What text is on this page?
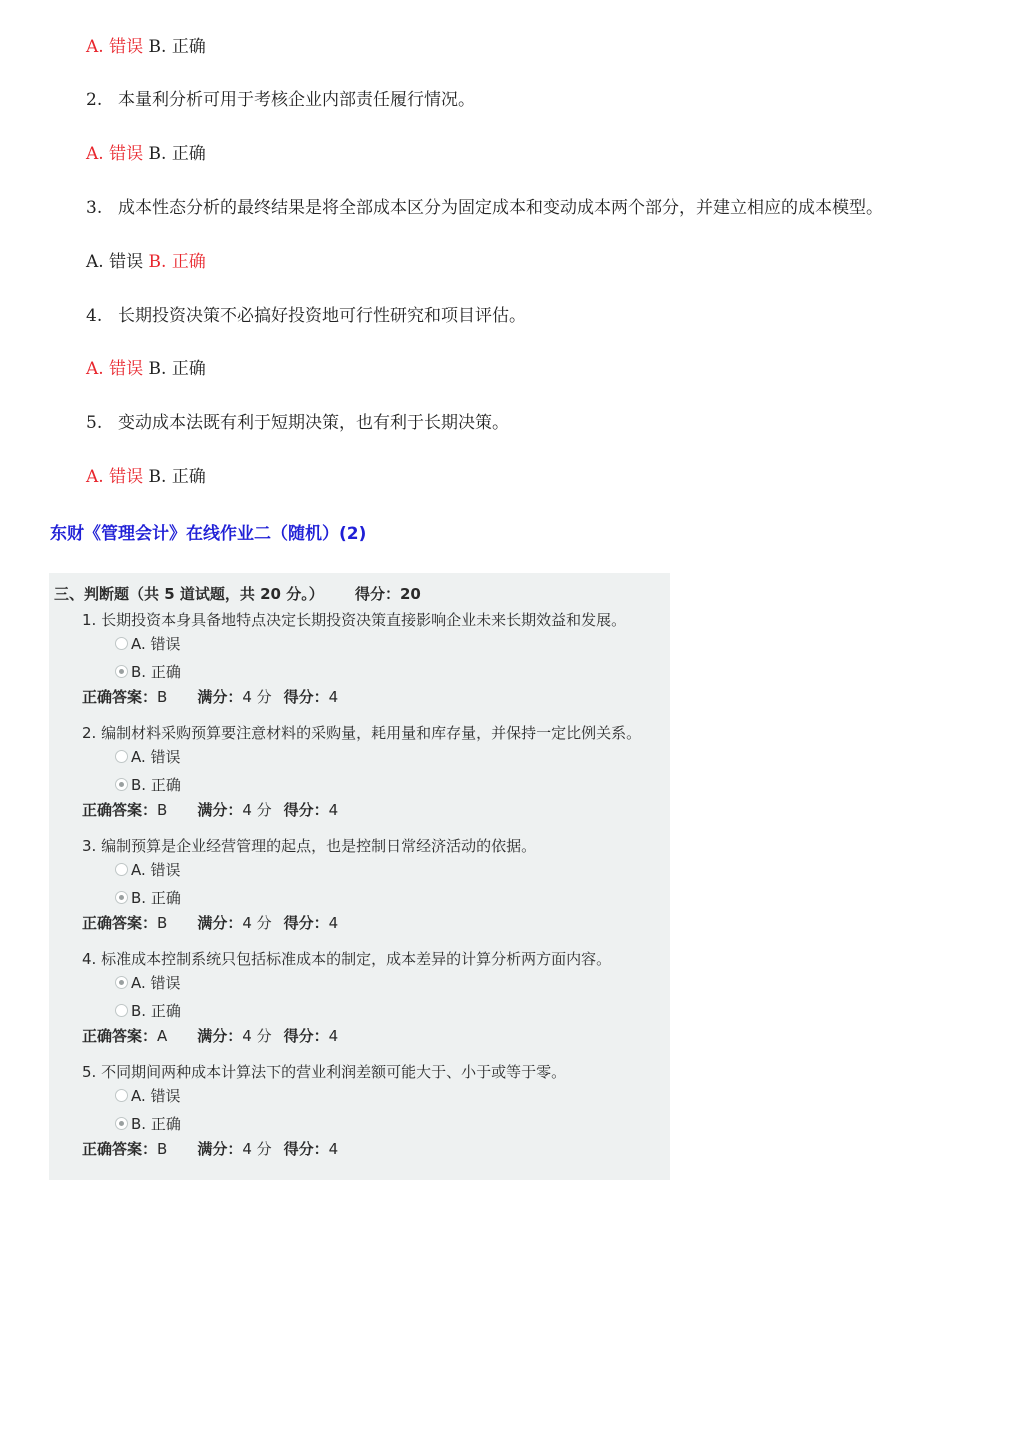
A. 错误 B. 正确
2. 本量利分析可用于考核企业内部责任履行情况。
A. 错误 B. 正确
3. 成本性态分析的最终结果是将全部成本区分为固定成本和变动成本两个部分，并建立相应的成本模型。
A. 错误 B. 正确
4. 长期投资决策不必搞好投资地可行性研究和项目评估。
A. 错误 B. 正确
5. 变动成本法既有利于短期决策，也有利于长期决策。
A. 错误 B. 正确
东财《管理会计》在线作业二（随机）(2)
三、判断题（共 5 道试题，共 20 分。） 得分：20
1. 长期投资本身具备地特点决定长期投资决策直接影响企业未来长期效益和发展。
A. 错误
B. 正确
正确答案：B 满分：4 分 得分：4
2. 编制材料采购预算要注意材料的采购量，耗用量和库存量，并保持一定比例关系。
A. 错误
B. 正确
正确答案：B 满分：4 分 得分：4
3. 编制预算是企业经营管理的起点，也是控制日常经济活动的依据。
A. 错误
B. 正确
正确答案：B 满分：4 分 得分：4
4. 标准成本控制系统只包括标准成本的制定，成本差异的计算分析两方面内容。
A. 错误
B. 正确
正确答案：A 满分：4 分 得分：4
5. 不同期间两种成本计算法下的营业利润差额可能大于、小于或等于零。
A. 错误
B. 正确
正确答案：B 满分：4 分 得分：4
